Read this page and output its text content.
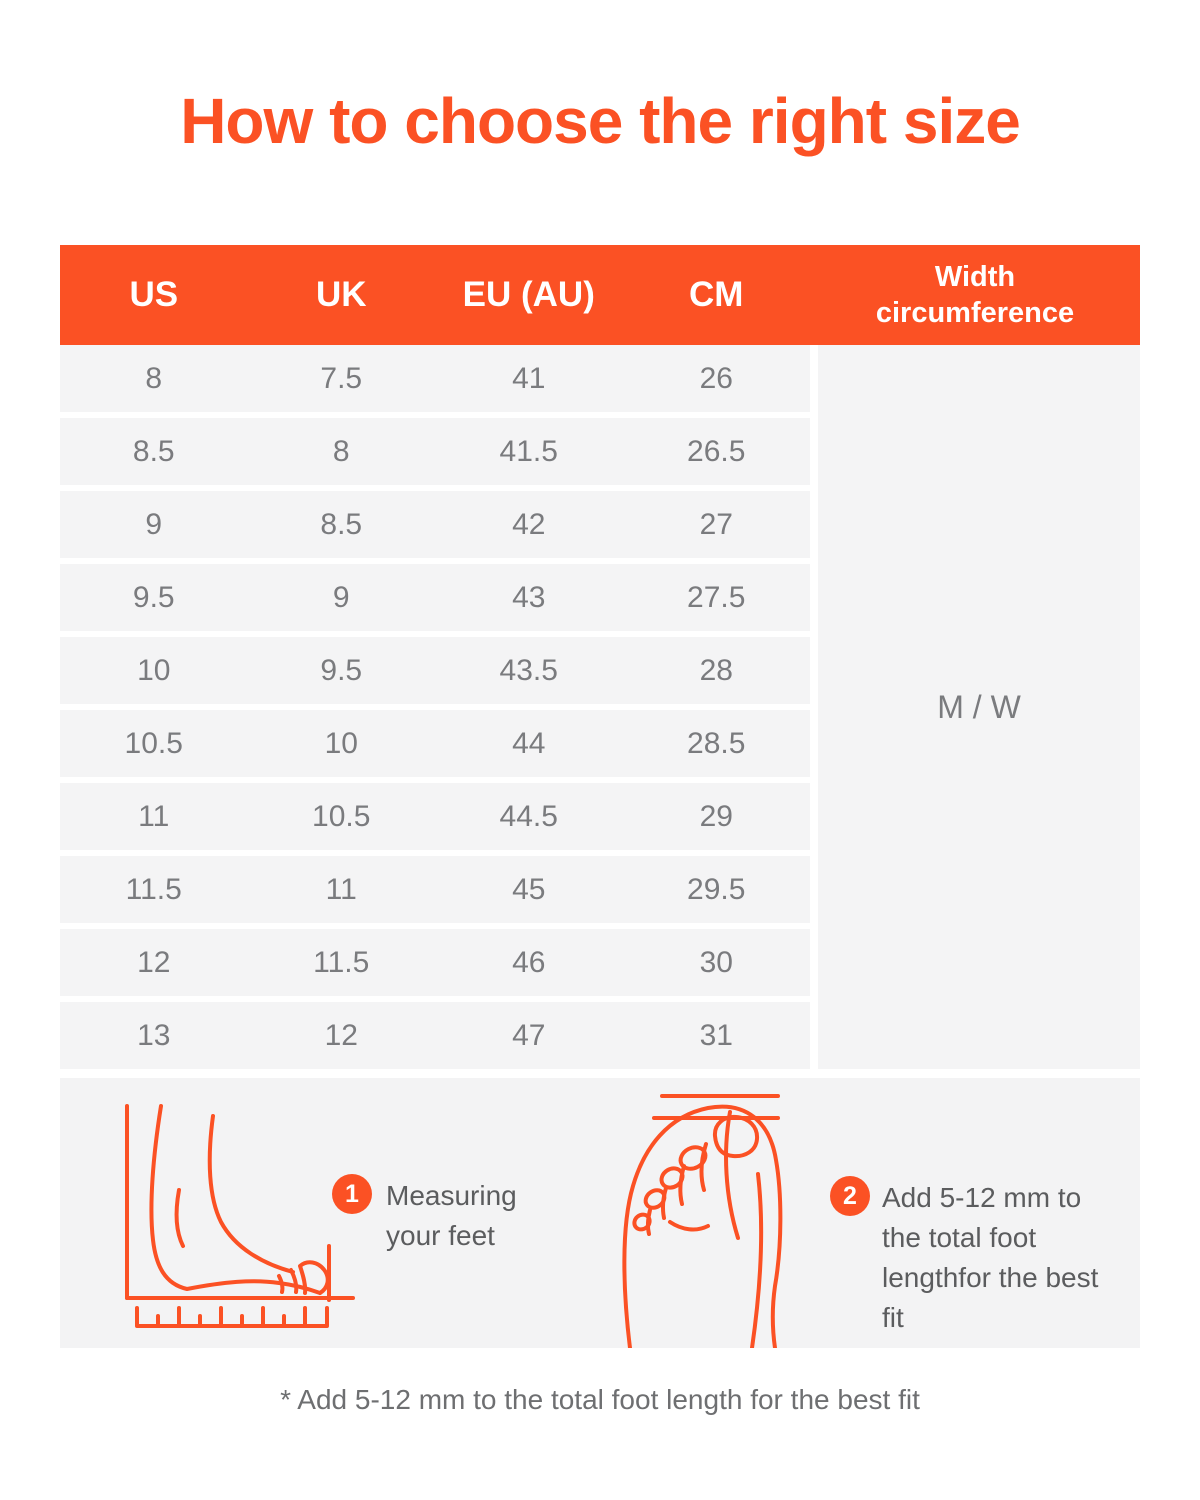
How to choose the right size
US	UK	EU (AU)	CM	Width circumference
8	7.5	41	26
8.5	8	41.5	26.5
9	8.5	42	27
9.5	9	43	27.5
10	9.5	43.5	28
10.5	10	44	28.5
11	10.5	44.5	29
11.5	11	45	29.5
12	11.5	46	30
13	12	47	31
M / W
1 Measuring your feet
2 Add 5-12 mm to the total foot lengthfor the best fit
* Add 5-12 mm to the total foot length for the best fit
